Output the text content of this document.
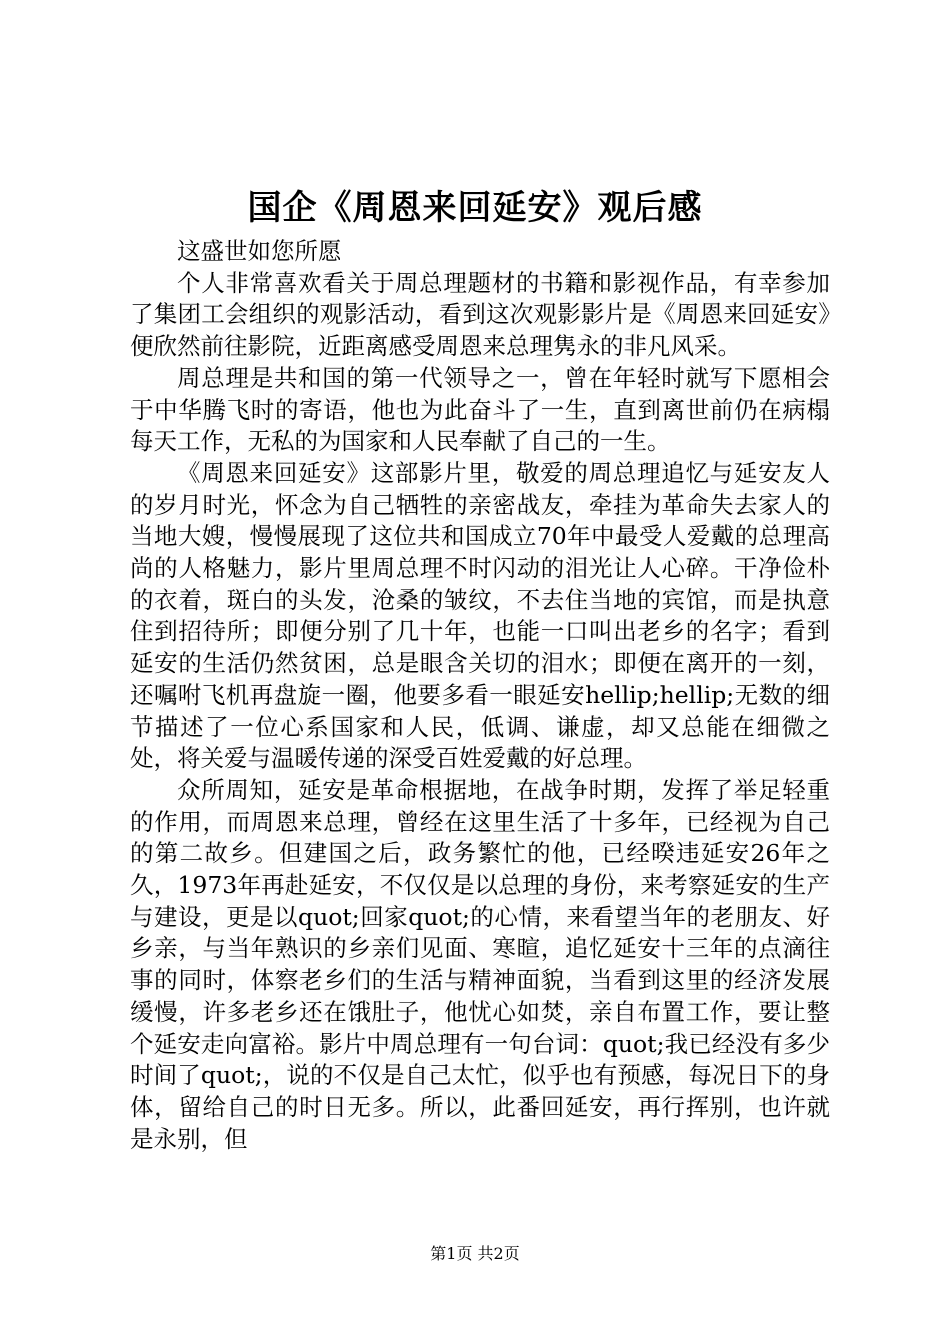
国企《周恩来回延安》观后感

这盛世如您所愿

个人非常喜欢看关于周总理题材的书籍和影视作品，有幸参加了集团工会组织的观影活动，看到这次观影影片是《周恩来回延安》便欣然前往影院，近距离感受周恩来总理隽永的非凡风采。

周总理是共和国的第一代领导之一，曾在年轻时就写下愿相会于中华腾飞时的寄语，他也为此奋斗了一生，直到离世前仍在病榻每天工作，无私的为国家和人民奉献了自己的一生。

《周恩来回延安》这部影片里，敬爱的周总理追忆与延安友人的岁月时光，怀念为自己牺牲的亲密战友，牵挂为革命失去家人的当地大嫂，慢慢展现了这位共和国成立70年中最受人爱戴的总理高尚的人格魅力，影片里周总理不时闪动的泪光让人心碎。干净俭朴的衣着，斑白的头发，沧桑的皱纹，不去住当地的宾馆，而是执意住到招待所；即便分别了几十年，也能一口叫出老乡的名字；看到延安的生活仍然贫困，总是眼含关切的泪水；即便在离开的一刻，还嘱咐飞机再盘旋一圈，他要多看一眼延安hellip;hellip;无数的细节描述了一位心系国家和人民，低调、谦虚，却又总能在细微之处，将关爱与温暖传递的深受百姓爱戴的好总理。

众所周知，延安是革命根据地，在战争时期，发挥了举足轻重的作用，而周恩来总理，曾经在这里生活了十多年，已经视为自己的第二故乡。但建国之后，政务繁忙的他，已经暌违延安26年之久，1973年再赴延安，不仅仅是以总理的身份，来考察延安的生产与建设，更是以quot;回家quot;的心情，来看望当年的老朋友、好乡亲，与当年熟识的乡亲们见面、寒暄，追忆延安十三年的点滴往事的同时，体察老乡们的生活与精神面貌，当看到这里的经济发展缓慢，许多老乡还在饿肚子，他忧心如焚，亲自布置工作，要让整个延安走向富裕。影片中周总理有一句台词：quot;我已经没有多少时间了quot;，说的不仅是自己太忙，似乎也有预感，每况日下的身体，留给自己的时日无多。所以，此番回延安，再行挥别，也许就是永别，但

第1页 共2页
